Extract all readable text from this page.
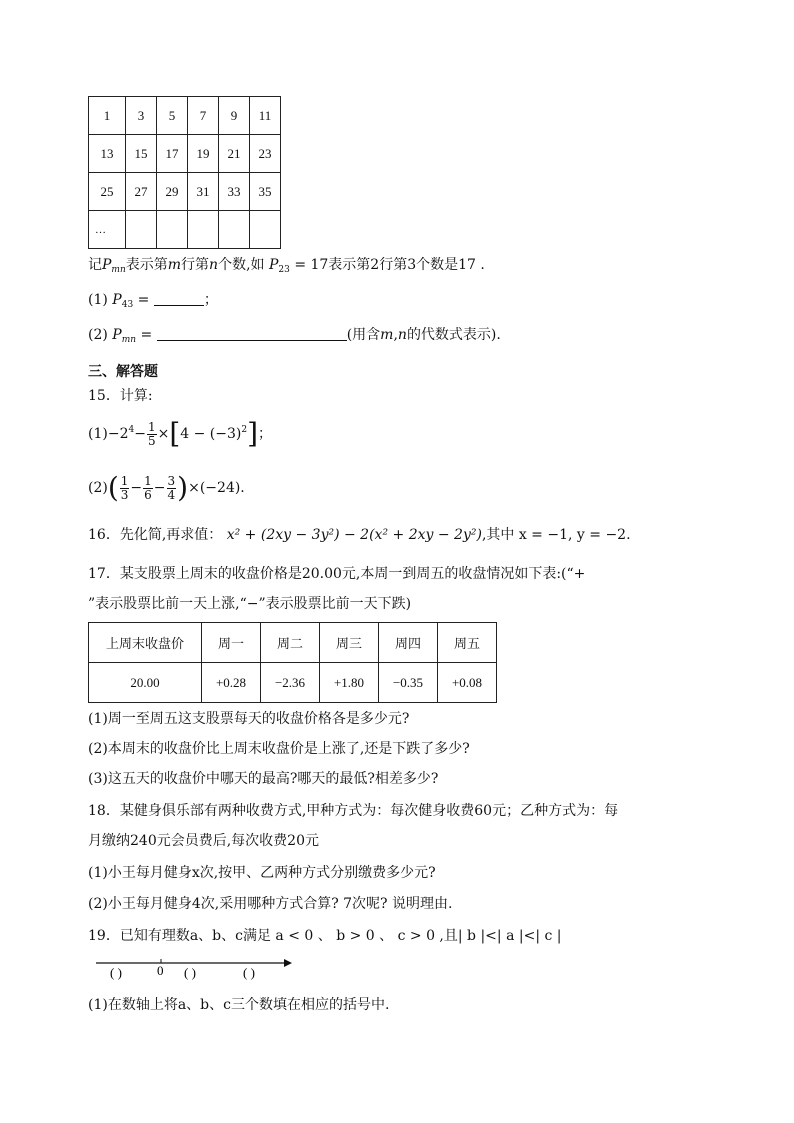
1	3	5	7	9	11
13	15	17	19	21	23
25	27	29	31	33	35
…					
记$P_{mn}$表示第m行第n个数,如 $P_{23} = 17$表示第2行第3个数是17 .
(1) $P_{43}$ =	；
(2) $P_{mn}$ =	(用含m,n的代数式表示).
三、解答题
15．计算:
$(1)-2^4- \frac{1}{5} \times[4 - (-3)^2]$；
$(2)( \frac{1}{3} - \frac{1}{6} - \frac{3}{4} )\times(-24)$.
16．先化简,再求值： x² + (2xy − 3y²) − 2(x² + 2xy − 2y²),其中 x = −1, y = −2.
17．某支股票上周末的收盘价格是20.00元,本周一到周五的收盘情况如下表:(“+
”表示股票比前一天上涨,“−”表示股票比前一天下跌)
上周末收盘价	周一	周二	周三	周四	周五
20.00	+0.28	−2.36	+1.80	−0.35	+0.08
(1)周一至周五这支股票每天的收盘价格各是多少元?
(2)本周末的收盘价比上周末收盘价是上涨了,还是下跌了多少?
(3)这五天的收盘价中哪天的最高?哪天的最低?相差多少?
18．某健身俱乐部有两种收费方式,甲种方式为：每次健身收费60元；乙种方式为：每
月缴纳240元会员费后,每次收费20元
(1)小王每月健身x次,按甲、乙两种方式分别缴费多少元?
(2)小王每月健身4次,采用哪种方式合算? 7次呢? 说明理由.
19．已知有理数a、b、c满足 a < 0 、 b > 0 、 c > 0 ,且| b |<| a |<| c |
( )	0 ( )	( )
(1)在数轴上将a、b、c三个数填在相应的括号中.
